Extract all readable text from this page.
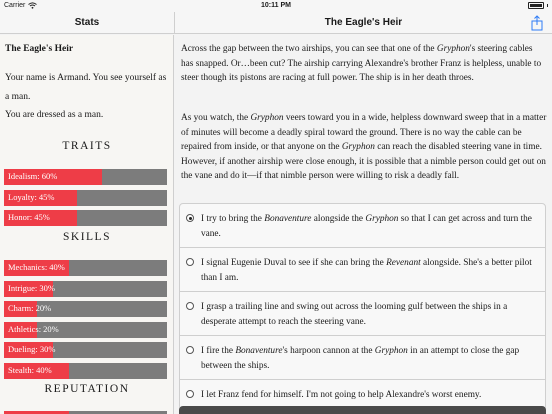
Carrier	10:11 PM
Stats	The Eagle's Heir
The Eagle's Heir
Your name is Armand. You see yourself as a man.
You are dressed as a man.
TRAITS
Idealism: 60%
Loyalty: 45%
Honor: 45%
SKILLS
Mechanics: 40%
Intrigue: 30%
Charm: 20%
Athletics: 20%
Dueling: 30%
Stealth: 40%
REPUTATION
Across the gap between the two airships, you can see that one of the Gryphon's steering cables has snapped. Or…been cut? The airship carrying Alexandre's brother Franz is helpless, unable to steer though its pistons are racing at full power. The ship is in her death throes.
As you watch, the Gryphon veers toward you in a wide, helpless downward sweep that in a matter of minutes will become a deadly spiral toward the ground. There is no way the cable can be repaired from inside, or that anyone on the Gryphon can reach the disabled steering vane in time. However, if another airship were close enough, it is possible that a nimble person could get out on the vane and do it—if that nimble person were willing to risk a deadly fall.
I try to bring the Bonaventure alongside the Gryphon so that I can get across and turn the vane.
I signal Eugenie Duval to see if she can bring the Revenant alongside. She's a better pilot than I am.
I grasp a trailing line and swing out across the looming gulf between the ships in a desperate attempt to reach the steering vane.
I fire the Bonaventure's harpoon cannon at the Gryphon in an attempt to close the gap between the ships.
I let Franz fend for himself. I'm not going to help Alexandre's worst enemy.
